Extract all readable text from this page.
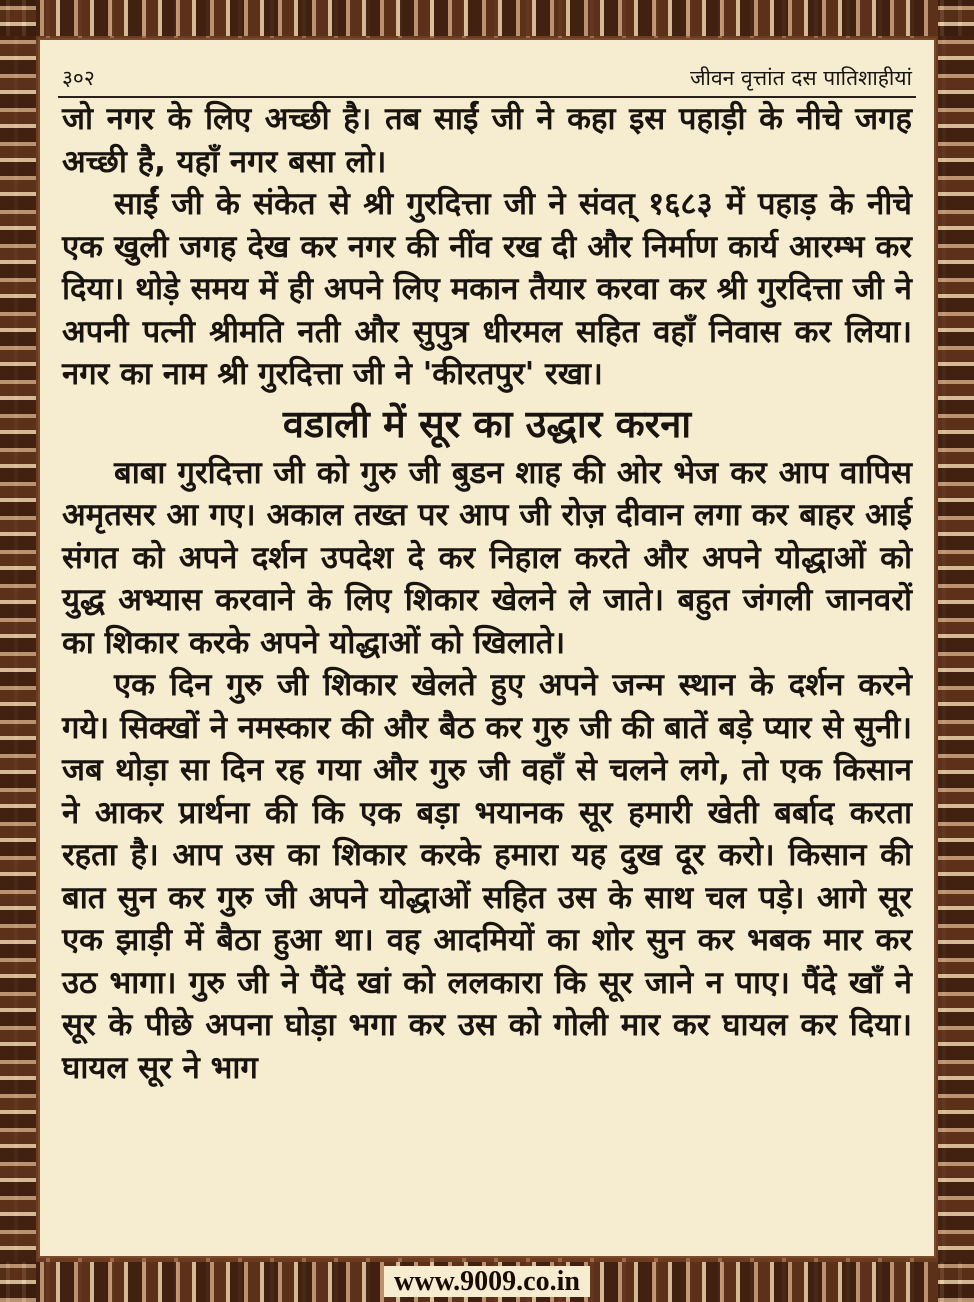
३०२	जीवन वृत्तांत दस पातिशाहीयां

जो नगर के लिए अच्छी है। तब साईं जी ने कहा इस पहाड़ी के नीचे जगह अच्छी है, यहाँ नगर बसा लो।

साईं जी के संकेत से श्री गुरदित्ता जी ने संवत् १६८३ में पहाड़ के नीचे एक खुली जगह देख कर नगर की नींव रख दी और निर्माण कार्य आरम्भ कर दिया। थोड़े समय में ही अपने लिए मकान तैयार करवा कर श्री गुरदित्ता जी ने अपनी पत्नी श्रीमति नती और सुपुत्र धीरमल सहित वहाँ निवास कर लिया। नगर का नाम श्री गुरदित्ता जी ने 'कीरतपुर' रखा।

वडाली में सूर का उद्धार करना

बाबा गुरदित्ता जी को गुरु जी बुडन शाह की ओर भेज कर आप वापिस अमृतसर आ गए। अकाल तख्त पर आप जी रोज़ दीवान लगा कर बाहर आई संगत को अपने दर्शन उपदेश दे कर निहाल करते और अपने योद्धाओं को युद्ध अभ्यास करवाने के लिए शिकार खेलने ले जाते। बहुत जंगली जानवरों का शिकार करके अपने योद्धाओं को खिलाते।

एक दिन गुरु जी शिकार खेलते हुए अपने जन्म स्थान के दर्शन करने गये। सिक्खों ने नमस्कार की और बैठ कर गुरु जी की बातें बड़े प्यार से सुनी। जब थोड़ा सा दिन रह गया और गुरु जी वहाँ से चलने लगे, तो एक किसान ने आकर प्रार्थना की कि एक बड़ा भयानक सूर हमारी खेती बर्बाद करता रहता है। आप उस का शिकार करके हमारा यह दुख दूर करो। किसान की बात सुन कर गुरु जी अपने योद्धाओं सहित उस के साथ चल पड़े। आगे सूर एक झाड़ी में बैठा हुआ था। वह आदमियों का शोर सुन कर भबक मार कर उठ भागा। गुरु जी ने पैंदे खां को ललकारा कि सूर जाने न पाए। पैंदे खाँ ने सूर के पीछे अपना घोड़ा भगा कर उस को गोली मार कर घायल कर दिया। घायल सूर ने भाग

www.9009.co.in
